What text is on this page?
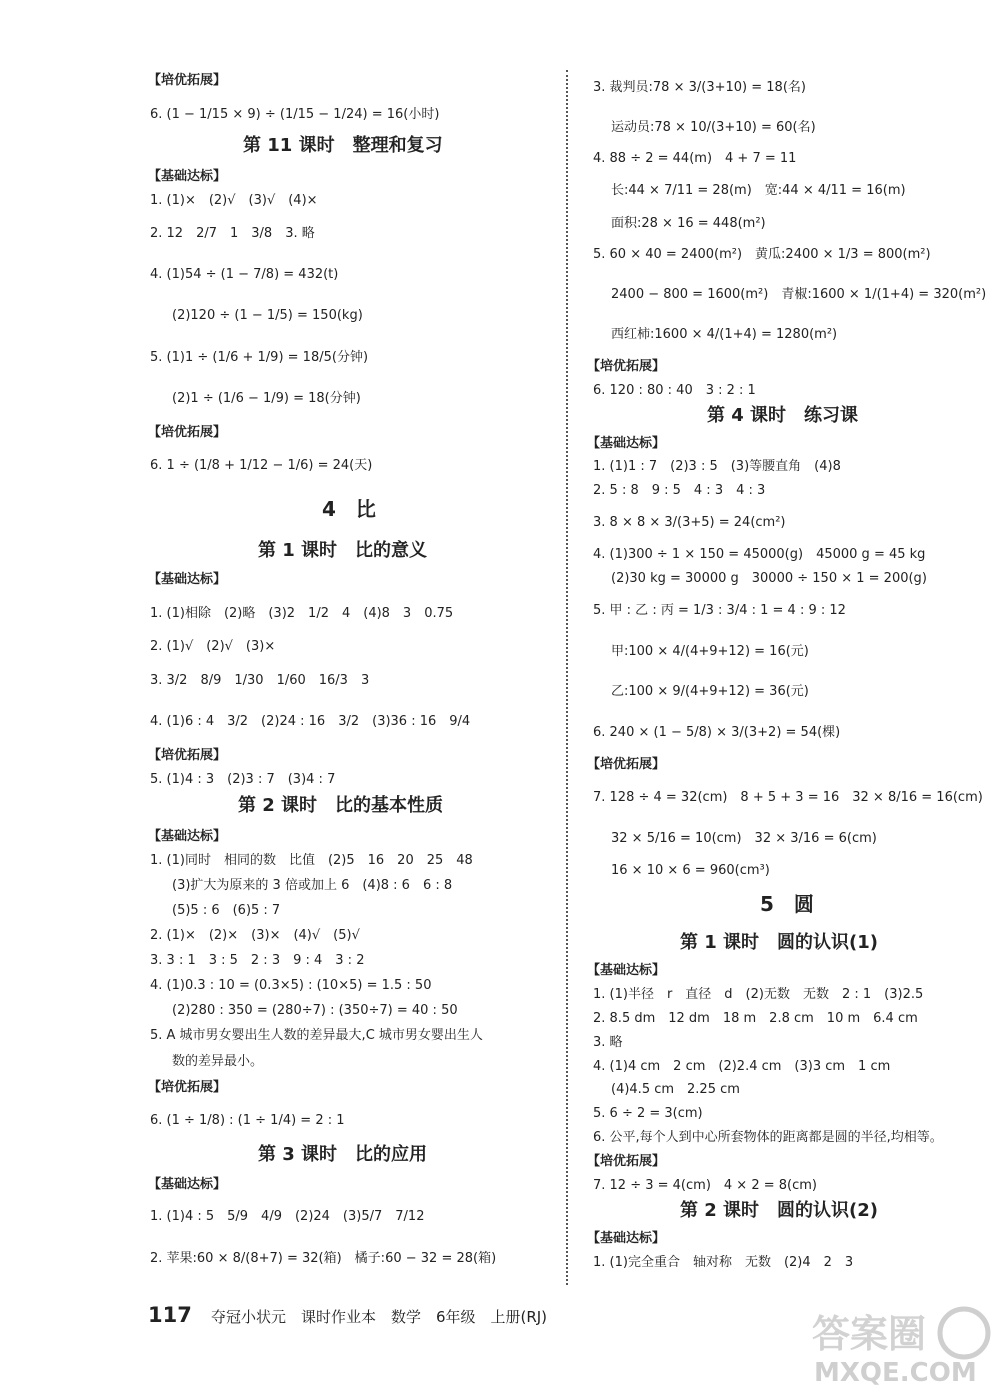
【培优拓展】
6. (1 − 1/15 × 9) ÷ (1/15 − 1/24) = 16(小时)
第 11 课时　整理和复习
【基础达标】
1. (1)×　(2)√　(3)√　(4)×
2. 12　2/7　1　3/8　3. 略
4. (1)54 ÷ (1 − 7/8) = 432(t)
(2)120 ÷ (1 − 1/5) = 150(kg)
5. (1)1 ÷ (1/6 + 1/9) = 18/5(分钟)
(2)1 ÷ (1/6 − 1/9) = 18(分钟)
【培优拓展】
6. 1 ÷ (1/8 + 1/12 − 1/6) = 24(天)
4　比
第 1 课时　比的意义
【基础达标】
1. (1)相除　(2)略　(3)2　1/2　4　(4)8　3　0.75
2. (1)√　(2)√　(3)×
3. 3/2　8/9　1/30　1/60　16/3　3
4. (1)6 : 4　3/2　(2)24 : 16　3/2　(3)36 : 16　9/4
【培优拓展】
5. (1)4 : 3　(2)3 : 7　(3)4 : 7
第 2 课时　比的基本性质
【基础达标】
1. (1)同时　相同的数　比值　(2)5　16　20　25　48
(3)扩大为原来的 3 倍或加上 6　(4)8 : 6　6 : 8
(5)5 : 6　(6)5 : 7
2. (1)×　(2)×　(3)×　(4)√　(5)√
3. 3 : 1　3 : 5　2 : 3　9 : 4　3 : 2
4. (1)0.3 : 10 = (0.3×5) : (10×5) = 1.5 : 50
(2)280 : 350 = (280÷7) : (350÷7) = 40 : 50
5. A 城市男女婴出生人数的差异最大,C 城市男女婴出生人
数的差异最小。
【培优拓展】
6. (1 ÷ 1/8) : (1 ÷ 1/4) = 2 : 1
第 3 课时　比的应用
【基础达标】
1. (1)4 : 5　5/9　4/9　(2)24　(3)5/7　7/12
2. 苹果:60 × 8/(8+7) = 32(箱)　橘子:60 − 32 = 28(箱)
3. 裁判员:78 × 3/(3+10) = 18(名)
运动员:78 × 10/(3+10) = 60(名)
4. 88 ÷ 2 = 44(m)　4 + 7 = 11
长:44 × 7/11 = 28(m)　宽:44 × 4/11 = 16(m)
面积:28 × 16 = 448(m²)
5. 60 × 40 = 2400(m²)　黄瓜:2400 × 1/3 = 800(m²)
2400 − 800 = 1600(m²)　青椒:1600 × 1/(1+4) = 320(m²)
西红柿:1600 × 4/(1+4) = 1280(m²)
【培优拓展】
6. 120 : 80 : 40　3 : 2 : 1
第 4 课时　练习课
【基础达标】
1. (1)1 : 7　(2)3 : 5　(3)等腰直角　(4)8
2. 5 : 8　9 : 5　4 : 3　4 : 3
3. 8 × 8 × 3/(3+5) = 24(cm²)
4. (1)300 ÷ 1 × 150 = 45000(g)　45000 g = 45 kg
(2)30 kg = 30000 g　30000 ÷ 150 × 1 = 200(g)
5. 甲 : 乙 : 丙 = 1/3 : 3/4 : 1 = 4 : 9 : 12
甲:100 × 4/(4+9+12) = 16(元)
乙:100 × 9/(4+9+12) = 36(元)
6. 240 × (1 − 5/8) × 3/(3+2) = 54(棵)
【培优拓展】
7. 128 ÷ 4 = 32(cm)　8 + 5 + 3 = 16　32 × 8/16 = 16(cm)
32 × 5/16 = 10(cm)　32 × 3/16 = 6(cm)
16 × 10 × 6 = 960(cm³)
5　圆
第 1 课时　圆的认识(1)
【基础达标】
1. (1)半径　r　直径　d　(2)无数　无数　2 : 1　(3)2.5
2. 8.5 dm　12 dm　18 m　2.8 cm　10 m　6.4 cm
3. 略
4. (1)4 cm　2 cm　(2)2.4 cm　(3)3 cm　1 cm
(4)4.5 cm　2.25 cm
5. 6 ÷ 2 = 3(cm)
6. 公平,每个人到中心所套物体的距离都是圆的半径,均相等。
【培优拓展】
7. 12 ÷ 3 = 4(cm)　4 × 2 = 8(cm)
第 2 课时　圆的认识(2)
【基础达标】
1. (1)完全重合　轴对称　无数　(2)4　2　3
117 夺冠小状元　课时作业本　数学　6年级　上册(RJ)	答案圈
MXQE.COM
